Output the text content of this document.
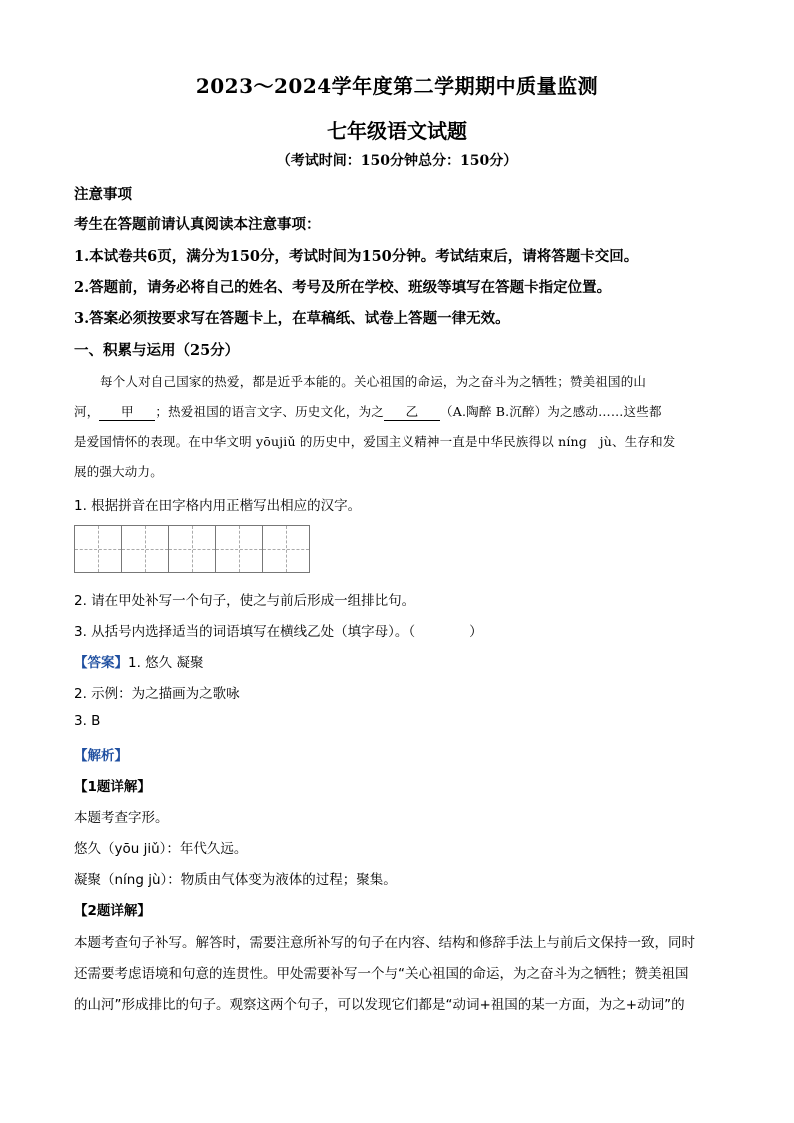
2023～2024学年度第二学期期中质量监测
七年级语文试题
（考试时间：150分钟总分：150分）
注意事项
考生在答题前请认真阅读本注意事项：
1.本试卷共6页，满分为150分，考试时间为150分钟。考试结束后，请将答题卡交回。
2.答题前，请务必将自己的姓名、考号及所在学校、班级等填写在答题卡指定位置。
3.答案必须按要求写在答题卡上，在草稿纸、试卷上答题一律无效。
一、积累与运用（25分）
每个人对自己国家的热爱，都是近乎本能的。关心祖国的命运，为之奋斗为之牺牲；赞美祖国的山
河， 甲 ；热爱祖国的语言文字、历史文化，为之 乙 （A.陶醉 B.沉醉）为之感动……这些都
是爱国情怀的表现。在中华文明 yōujiǔ 的历史中，爱国主义精神一直是中华民族得以 níng　jù、生存和发
展的强大动力。
1. 根据拼音在田字格内用正楷写出相应的汉字。
2. 请在甲处补写一个句子，使之与前后形成一组排比句。
3. 从括号内选择适当的词语填写在横线乙处（填字母）。（　　　　）
【答案】1. 悠久 凝聚
2. 示例：为之描画为之歌咏
3. B
【解析】
【1题详解】
本题考查字形。
悠久（yōu jiǔ）：年代久远。
凝聚（níng jù）：物质由气体变为液体的过程；聚集。
【2题详解】
本题考查句子补写。解答时，需要注意所补写的句子在内容、结构和修辞手法上与前后文保持一致，同时
还需要考虑语境和句意的连贯性。甲处需要补写一个与“关心祖国的命运，为之奋斗为之牺牲；赞美祖国
的山河”形成排比的句子。观察这两个句子，可以发现它们都是“动词+祖国的某一方面，为之+动词”的
